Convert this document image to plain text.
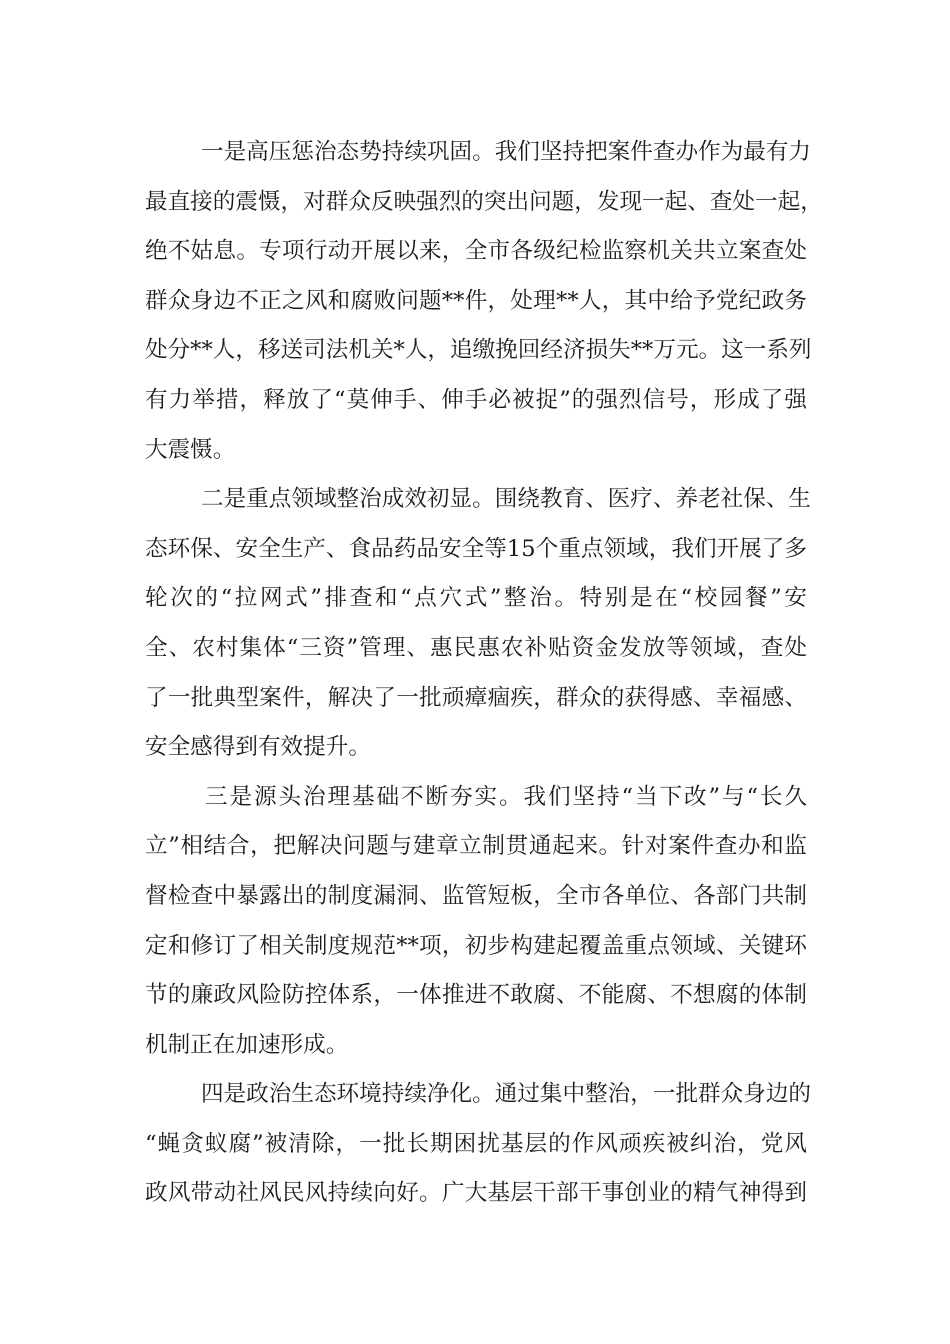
一是高压惩治态势持续巩固。我们坚持把案件查办作为最有力
最直接的震慑，对群众反映强烈的突出问题，发现一起、查处一起，
绝不姑息。专项行动开展以来，全市各级纪检监察机关共立案查处
群众身边不正之风和腐败问题**件，处理**人，其中给予党纪政务
处分**人，移送司法机关*人，追缴挽回经济损失**万元。这一系列
有力举措，释放了“莫伸手、伸手必被捉”的强烈信号，形成了强
大震慑。
二是重点领域整治成效初显。围绕教育、医疗、养老社保、生
态环保、安全生产、食品药品安全等15个重点领域，我们开展了多
轮次的“拉网式”排查和“点穴式”整治。特别是在“校园餐”安
全、农村集体“三资”管理、惠民惠农补贴资金发放等领域，查处
了一批典型案件，解决了一批顽瘴痼疾，群众的获得感、幸福感、
安全感得到有效提升。
三是源头治理基础不断夯实。我们坚持“当下改”与“长久
立”相结合，把解决问题与建章立制贯通起来。针对案件查办和监
督检查中暴露出的制度漏洞、监管短板，全市各单位、各部门共制
定和修订了相关制度规范**项，初步构建起覆盖重点领域、关键环
节的廉政风险防控体系，一体推进不敢腐、不能腐、不想腐的体制
机制正在加速形成。
四是政治生态环境持续净化。通过集中整治，一批群众身边的
“蝇贪蚁腐”被清除，一批长期困扰基层的作风顽疾被纠治，党风
政风带动社风民风持续向好。广大基层干部干事创业的精气神得到
